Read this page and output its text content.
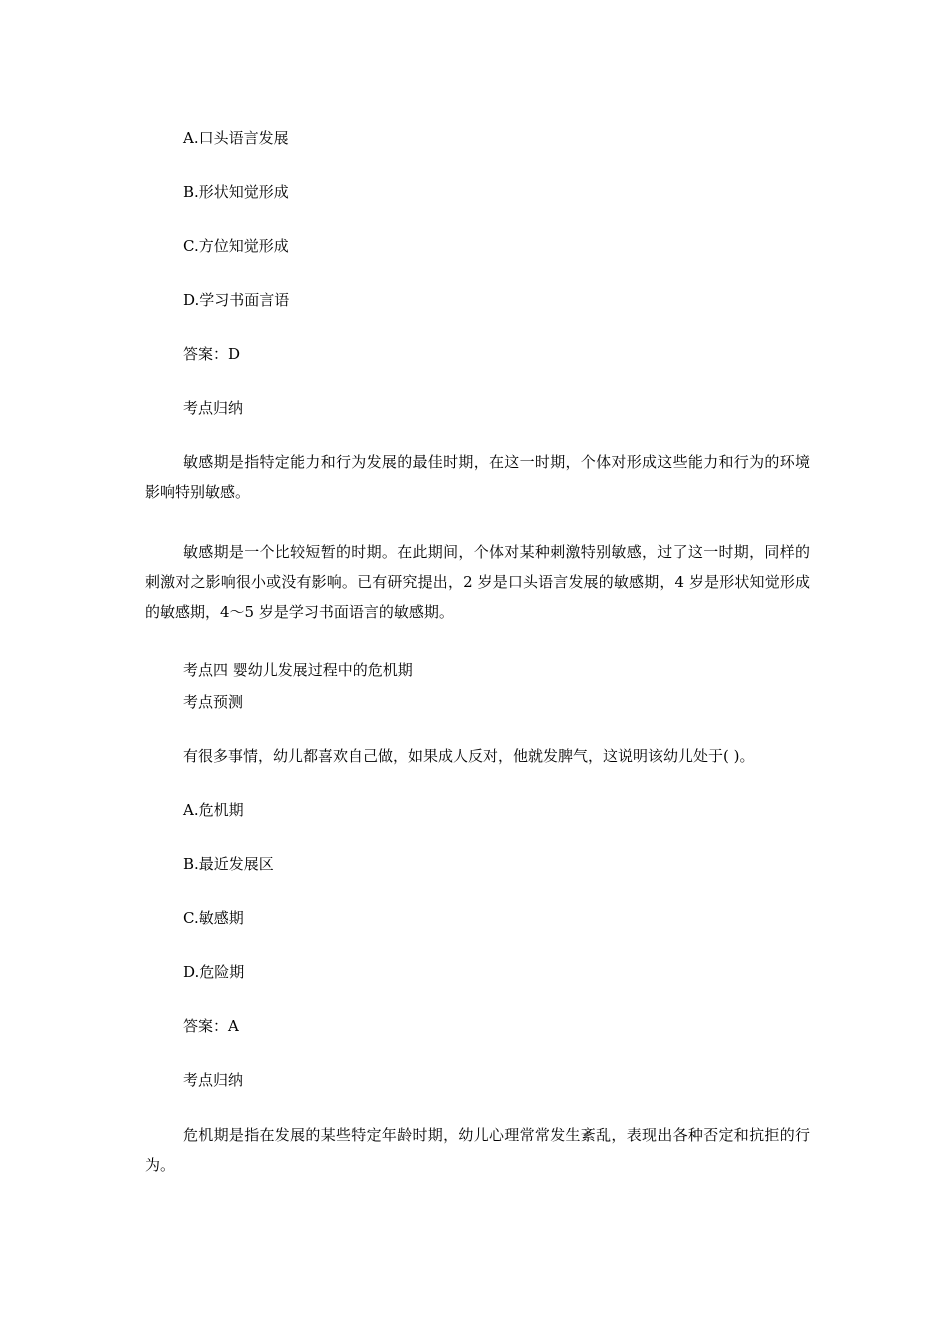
A.口头语言发展
B.形状知觉形成
C.方位知觉形成
D.学习书面言语
答案：D
考点归纳

敏感期是指特定能力和行为发展的最佳时期，在这一时期，个体对形成这些能力和行为的环境影响特别敏感。

敏感期是一个比较短暂的时期。在此期间，个体对某种刺激特别敏感，过了这一时期，同样的刺激对之影响很小或没有影响。已有研究提出，2 岁是口头语言发展的敏感期，4 岁是形状知觉形成的敏感期，4～5 岁是学习书面语言的敏感期。

考点四 婴幼儿发展过程中的危机期
考点预测
有很多事情，幼儿都喜欢自己做，如果成人反对，他就发脾气，这说明该幼儿处于( )。
A.危机期
B.最近发展区
C.敏感期
D.危险期
答案：A
考点归纳

危机期是指在发展的某些特定年龄时期，幼儿心理常常发生紊乱，表现出各种否定和抗拒的行为。
